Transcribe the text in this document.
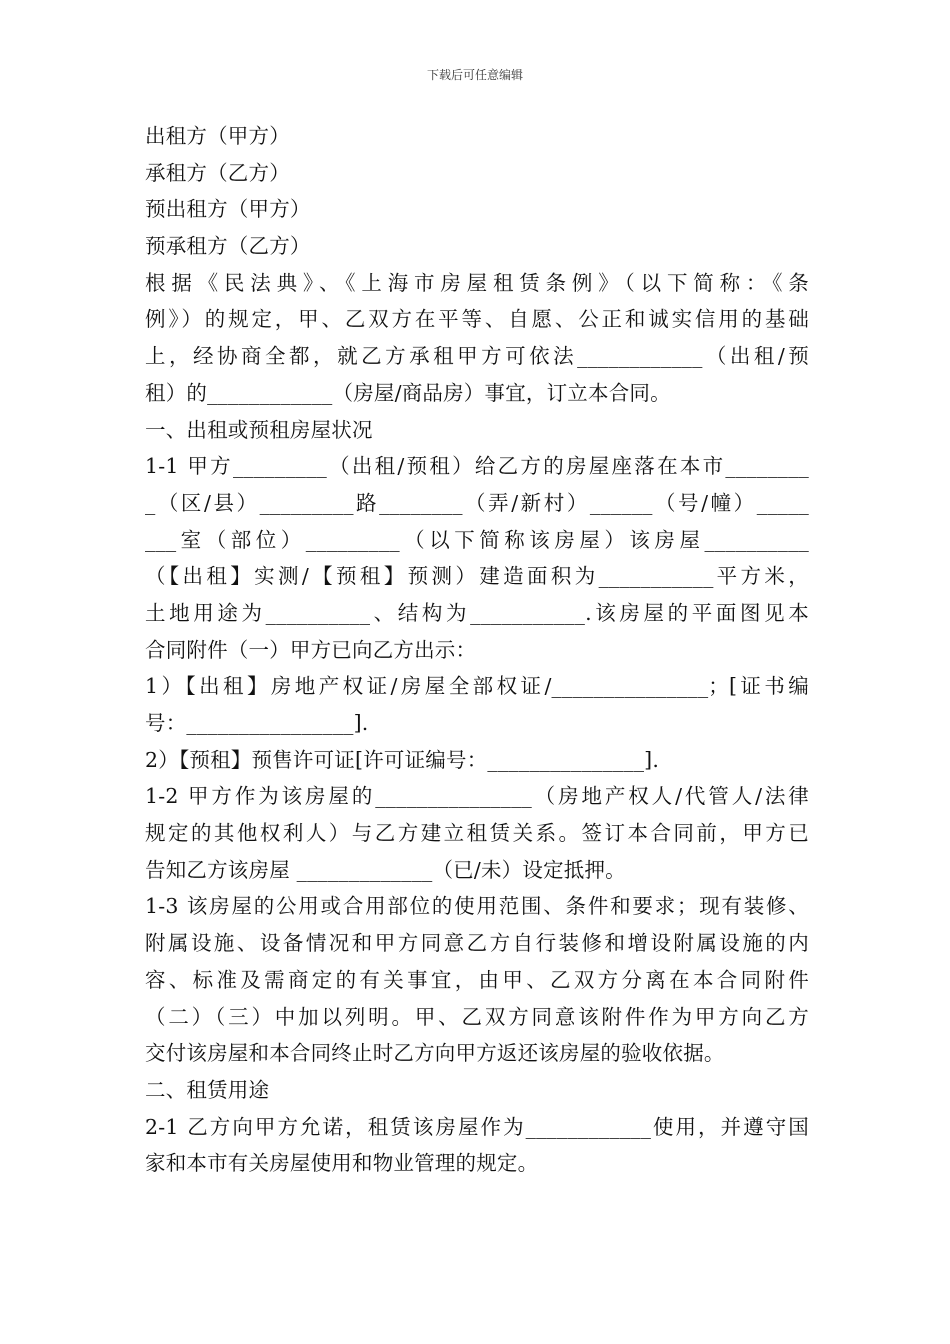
下载后可任意编辑
出租方（甲方）
承租方（乙方）
预出租方（甲方）
预承租方（乙方）
根据《民法典》、《上海市房屋租赁条例》（以下简称：《条
例》）的规定，甲、乙双方在平等、自愿、公正和诚实信用的基础
上，经协商全都，就乙方承租甲方可依法____________（出租/预
租）的____________（房屋/商品房）事宜，订立本合同。
一、出租或预租房屋状况
1-1 甲方_________（出租/预租）给乙方的房屋座落在本市________
_（区/县）_________路________（弄/新村）______（号/幢）_____
___室（部位）_________（以下简称该房屋）该房屋__________
（【出租】实测/【预租】预测）建造面积为___________平方米，
土地用途为__________、结构为___________.该房屋的平面图见本
合同附件（一）甲方已向乙方出示：
1）【出租】房地产权证/房屋全部权证/_______________；[证书编
号：________________].
2）【预租】预售许可证[许可证编号：_______________].
1-2 甲方作为该房屋的_______________（房地产权人/代管人/法律
规定的其他权利人）与乙方建立租赁关系。签订本合同前，甲方已
告知乙方该房屋 _____________（已/未）设定抵押。
1-3 该房屋的公用或合用部位的使用范围、条件和要求；现有装修、
附属设施、设备情况和甲方同意乙方自行装修和增设附属设施的内
容、标准及需商定的有关事宜，由甲、乙双方分离在本合同附件
（二）（三）中加以列明。甲、乙双方同意该附件作为甲方向乙方
交付该房屋和本合同终止时乙方向甲方返还该房屋的验收依据。
二、租赁用途
2-1 乙方向甲方允诺，租赁该房屋作为____________使用，并遵守国
家和本市有关房屋使用和物业管理的规定。
